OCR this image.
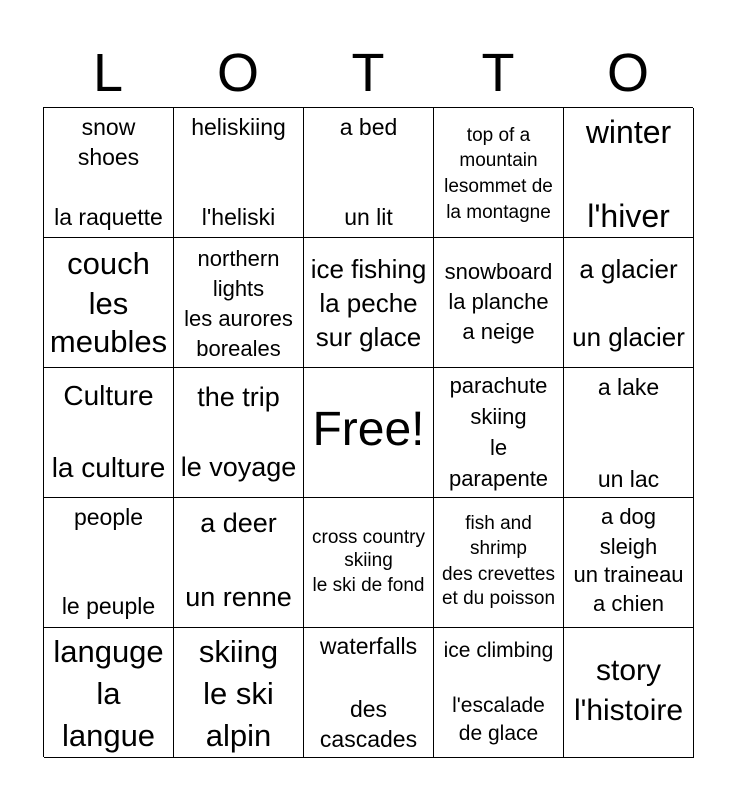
L	O	T	T	O
snow
shoes
la raquette
heliskiing
l'heliski
a bed
un lit
top of a
mountain
lesommet de
la montagne
winter
l'hiver
couch
les
meubles
northern
lights
les aurores
boreales
ice fishing
la peche
sur glace
snowboard
la planche
a neige
a glacier
un glacier
Culture
la culture
the trip
le voyage
Free!
parachute
skiing
le
parapente
a lake
un lac
people
le peuple
a deer
un renne
cross country
skiing
le ski de fond
fish and
shrimp
des crevettes
et du poisson
a dog
sleigh
un traineau
a chien
languge
la
langue
skiing
le ski
alpin
waterfalls
des
cascades
ice climbing
l'escalade
de glace
story
l'histoire
